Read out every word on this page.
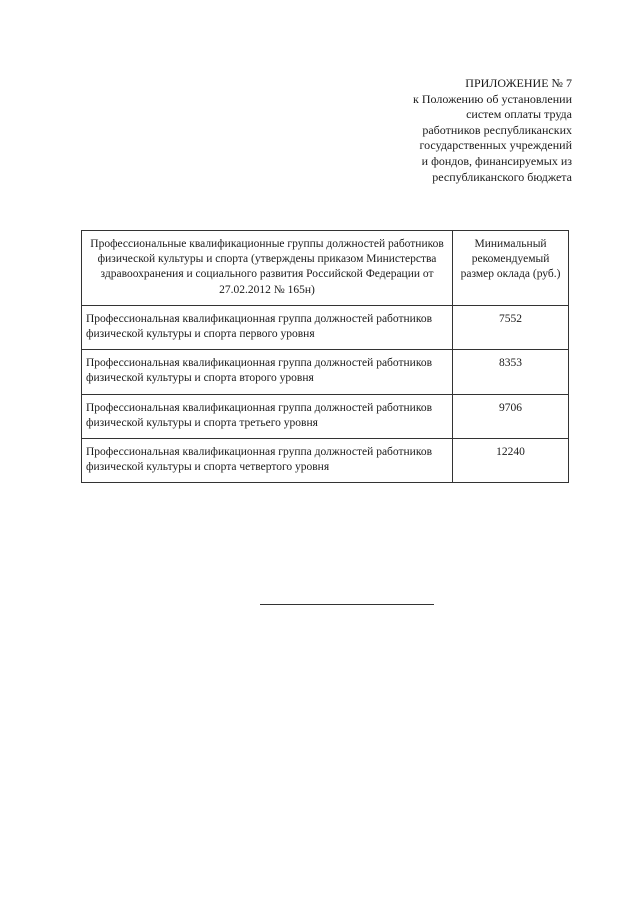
ПРИЛОЖЕНИЕ № 7
к Положению об установлении
систем оплаты труда
работников республиканских
государственных учреждений
и фондов, финансируемых из
республиканского бюджета
Профессиональные квалификационные группы должностей работников физической культуры и спорта (утверждены приказом Министерства здравоохранения и социального развития Российской Федерации от 27.02.2012 № 165н)	Минимальный рекомендуемый размер оклада (руб.)
Профессиональная квалификационная группа должностей работников физической культуры и спорта первого уровня	7552
Профессиональная квалификационная группа должностей работников физической культуры и спорта второго уровня	8353
Профессиональная квалификационная группа должностей работников физической культуры и спорта третьего уровня	9706
Профессиональная квалификационная группа должностей работников физической культуры и спорта четвертого уровня	12240
